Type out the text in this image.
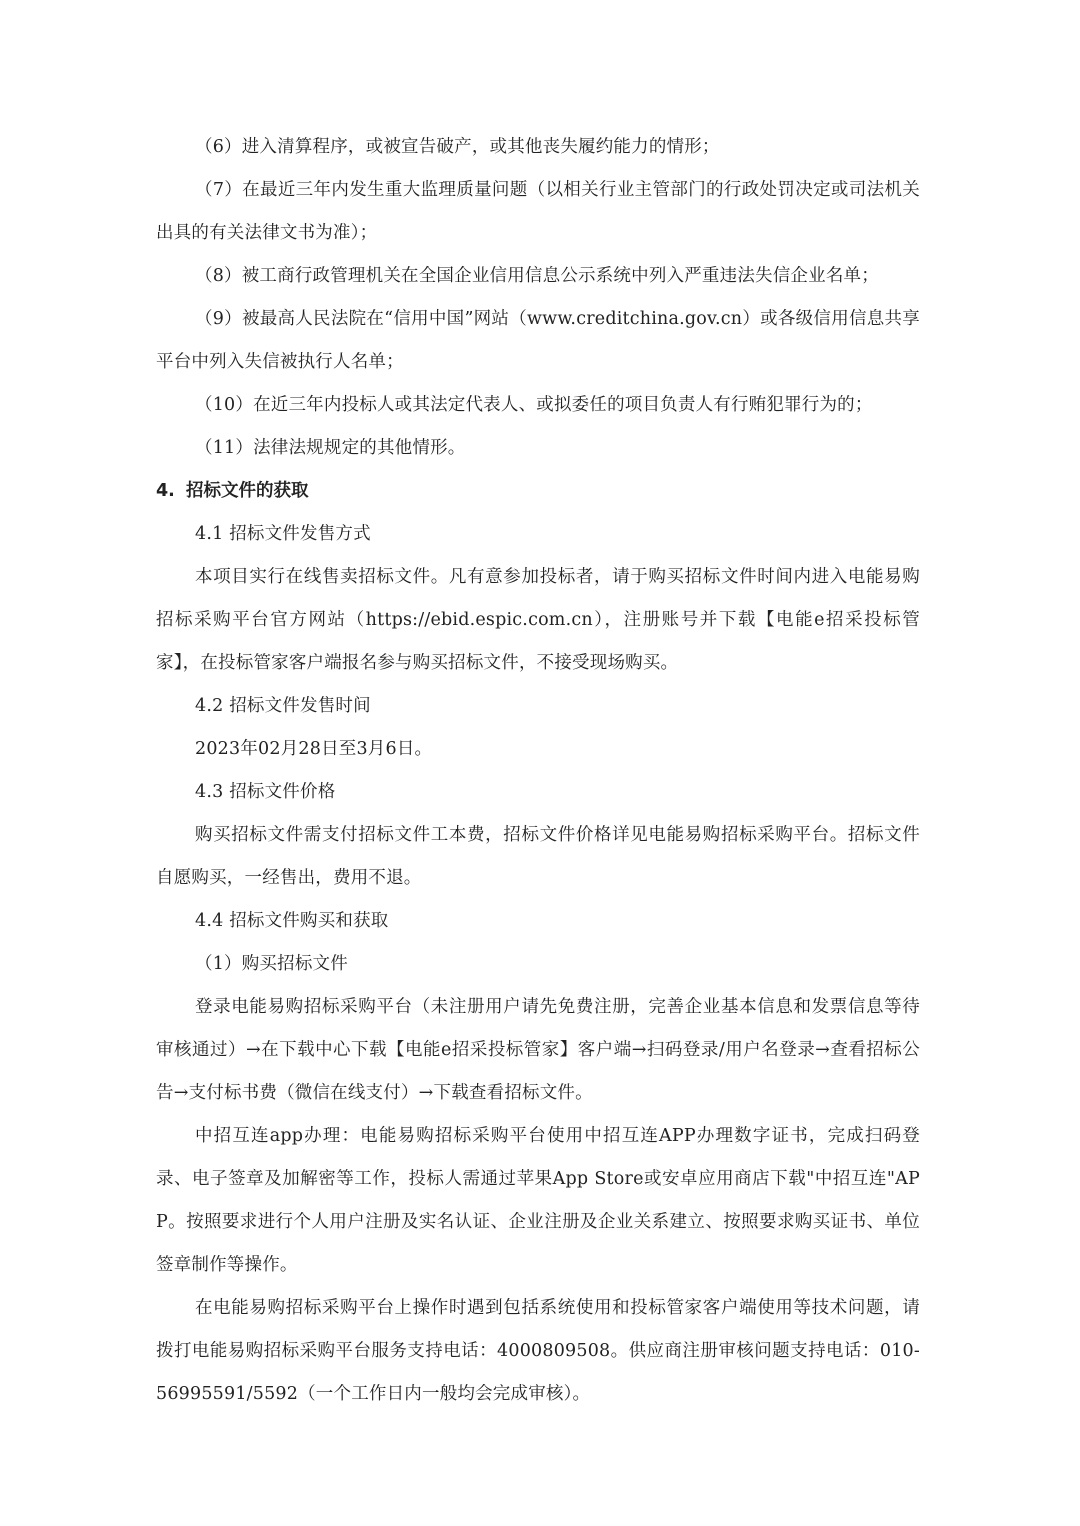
（6）进入清算程序，或被宣告破产，或其他丧失履约能力的情形；

（7）在最近三年内发生重大监理质量问题（以相关行业主管部门的行政处罚决定或司法机关出具的有关法律文书为准）；

（8）被工商行政管理机关在全国企业信用信息公示系统中列入严重违法失信企业名单；

（9）被最高人民法院在“信用中国”网站（www.creditchina.gov.cn）或各级信用信息共享平台中列入失信被执行人名单；

（10）在近三年内投标人或其法定代表人、或拟委任的项目负责人有行贿犯罪行为的；

（11）法律法规规定的其他情形。

4. 招标文件的获取

4.1 招标文件发售方式

本项目实行在线售卖招标文件。凡有意参加投标者，请于购买招标文件时间内进入电能易购招标采购平台官方网站（https://ebid.espic.com.cn），注册账号并下载【电能e招采投标管家】，在投标管家客户端报名参与购买招标文件，不接受现场购买。

4.2 招标文件发售时间

2023年02月28日至3月6日。

4.3 招标文件价格

购买招标文件需支付招标文件工本费，招标文件价格详见电能易购招标采购平台。招标文件自愿购买，一经售出，费用不退。

4.4 招标文件购买和获取

（1）购买招标文件

登录电能易购招标采购平台（未注册用户请先免费注册，完善企业基本信息和发票信息等待审核通过）→在下载中心下载【电能e招采投标管家】客户端→扫码登录/用户名登录→查看招标公告→支付标书费（微信在线支付）→下载查看招标文件。

中招互连app办理：电能易购招标采购平台使用中招互连APP办理数字证书，完成扫码登录、电子签章及加解密等工作，投标人需通过苹果App Store或安卓应用商店下载"中招互连"APP。按照要求进行个人用户注册及实名认证、企业注册及企业关系建立、按照要求购买证书、单位签章制作等操作。

在电能易购招标采购平台上操作时遇到包括系统使用和投标管家客户端使用等技术问题，请拨打电能易购招标采购平台服务支持电话：4000809508。供应商注册审核问题支持电话：010-56995591/5592（一个工作日内一般均会完成审核）。
